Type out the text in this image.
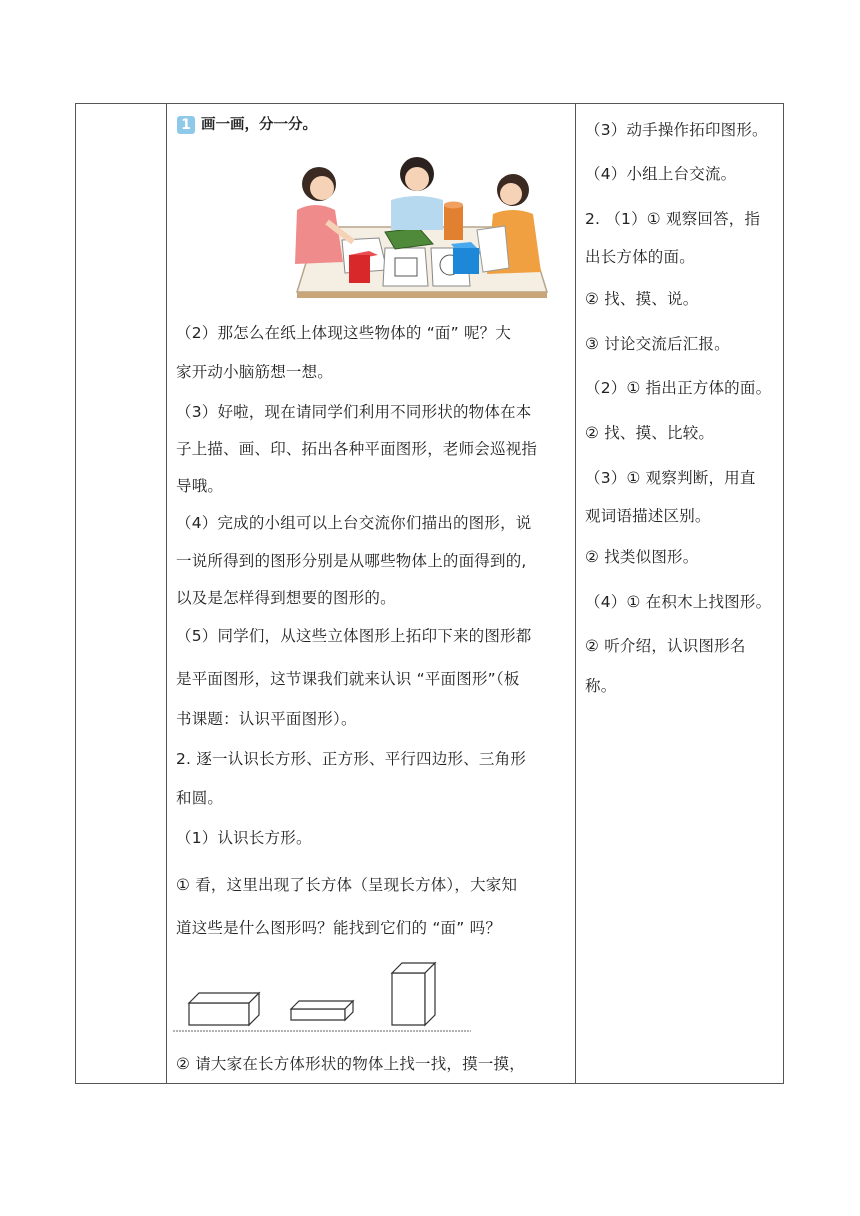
1 画一画，分一分。
（2）那怎么在纸上体现这些物体的 “面” 呢？大
家开动小脑筋想一想。
（3）好啦，现在请同学们利用不同形状的物体在本
子上描、画、印、拓出各种平面图形，老师会巡视指
导哦。
（4）完成的小组可以上台交流你们描出的图形，说
一说所得到的图形分别是从哪些物体上的面得到的,
以及是怎样得到想要的图形的。
（5）同学们，从这些立体图形上拓印下来的图形都
是平面图形，这节课我们就来认识 “平面图形”（板
书课题：认识平面图形）。
2. 逐一认识长方形、正方形、平行四边形、三角形
和圆。
（1）认识长方形。
① 看，这里出现了长方体（呈现长方体），大家知
道这些是什么图形吗？能找到它们的 “面” 吗？
② 请大家在长方体形状的物体上找一找，摸一摸，
（3）动手操作拓印图形。
（4）小组上台交流。
2. （1）① 观察回答，指
出长方体的面。
② 找、摸、说。
③ 讨论交流后汇报。
（2）① 指出正方体的面。
② 找、摸、比较。
（3）① 观察判断，用直
观词语描述区别。
② 找类似图形。
（4）① 在积木上找图形。
② 听介绍，认识图形名
称。
